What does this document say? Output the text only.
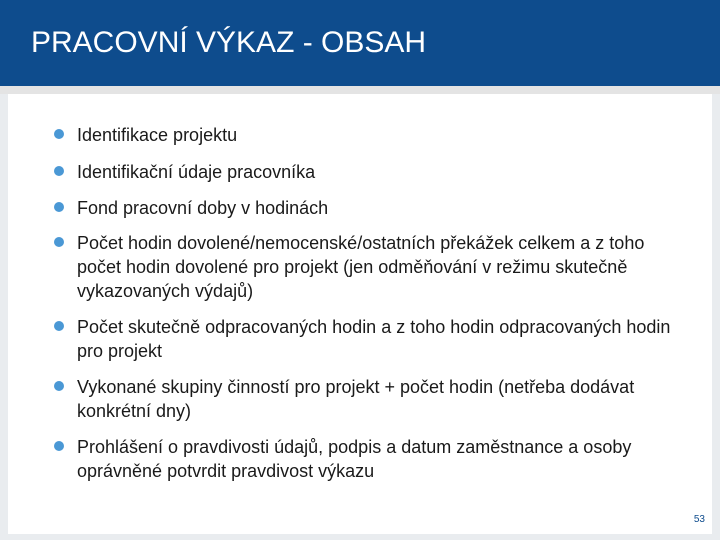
PRACOVNÍ VÝKAZ - OBSAH
Identifikace projektu
Identifikační údaje pracovníka
Fond pracovní doby v hodinách
Počet hodin dovolené/nemocenské/ostatních překážek celkem a z toho počet hodin dovolené pro projekt (jen odměňování v režimu skutečně vykazovaných výdajů)
Počet skutečně odpracovaných hodin a z toho hodin odpracovaných hodin pro projekt
Vykonané skupiny činností pro projekt + počet hodin (netřeba dodávat konkrétní dny)
Prohlášení o pravdivosti údajů, podpis a datum zaměstnance a osoby oprávněné potvrdit pravdivost výkazu
53
